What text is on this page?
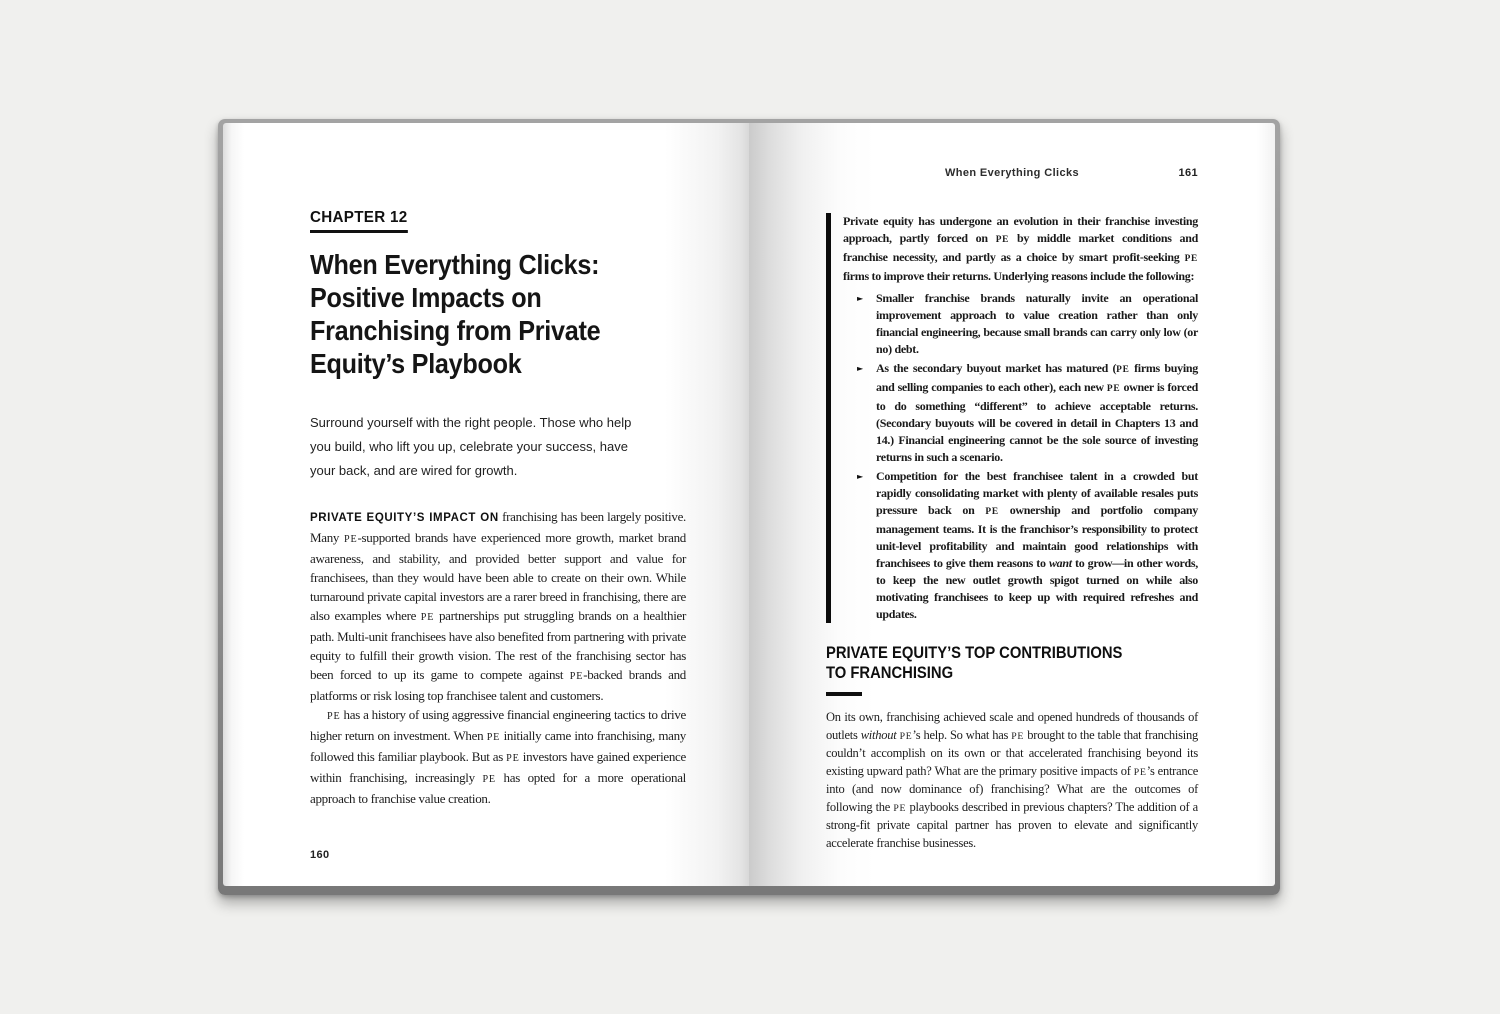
CHAPTER 12
When Everything Clicks:
Positive Impacts on
Franchising from Private
Equity’s Playbook

Surround yourself with the right people. Those who help you build, who lift you up, celebrate your success, have your back, and are wired for growth.

PRIVATE EQUITY’S IMPACT ON franchising has been largely positive. Many PE-supported brands have experienced more growth, market brand awareness, and stability, and provided better support and value for franchisees, than they would have been able to create on their own. While turnaround private capital investors are a rarer breed in franchising, there are also examples where PE partnerships put struggling brands on a healthier path. Multi-unit franchisees have also benefited from partnering with private equity to fulfill their growth vision. The rest of the franchising sector has been forced to up its game to compete against PE-backed brands and platforms or risk losing top franchisee talent and customers.

PE has a history of using aggressive financial engineering tactics to drive higher return on investment. When PE initially came into franchising, many followed this familiar playbook. But as PE investors have gained experience within franchising, increasingly PE has opted for a more operational approach to franchise value creation.

160
When Everything Clicks	161

Private equity has undergone an evolution in their franchise investing approach, partly forced on PE by middle market conditions and franchise necessity, and partly as a choice by smart profit-seeking PE firms to improve their returns. Underlying reasons include the following:

►	Smaller franchise brands naturally invite an operational improvement approach to value creation rather than only financial engineering, because small brands can carry only low (or no) debt.
►	As the secondary buyout market has matured (PE firms buying and selling companies to each other), each new PE owner is forced to do something “different” to achieve acceptable returns. (Secondary buyouts will be covered in detail in Chapters 13 and 14.) Financial engineering cannot be the sole source of investing returns in such a scenario.
►	Competition for the best franchisee talent in a crowded but rapidly consolidating market with plenty of available resales puts pressure back on PE ownership and portfolio company management teams. It is the franchisor’s responsibility to protect unit-level profitability and maintain good relationships with franchisees to give them reasons to want to grow—in other words, to keep the new outlet growth spigot turned on while also motivating franchisees to keep up with required refreshes and updates.
PRIVATE EQUITY’S TOP CONTRIBUTIONS
TO FRANCHISING

On its own, franchising achieved scale and opened hundreds of thousands of outlets without PE’s help. So what has PE brought to the table that franchising couldn’t accomplish on its own or that accelerated franchising beyond its existing upward path? What are the primary positive impacts of PE’s entrance into (and now dominance of) franchising? What are the outcomes of following the PE playbooks described in previous chapters? The addition of a strong-fit private capital partner has proven to elevate and significantly accelerate franchise businesses.
